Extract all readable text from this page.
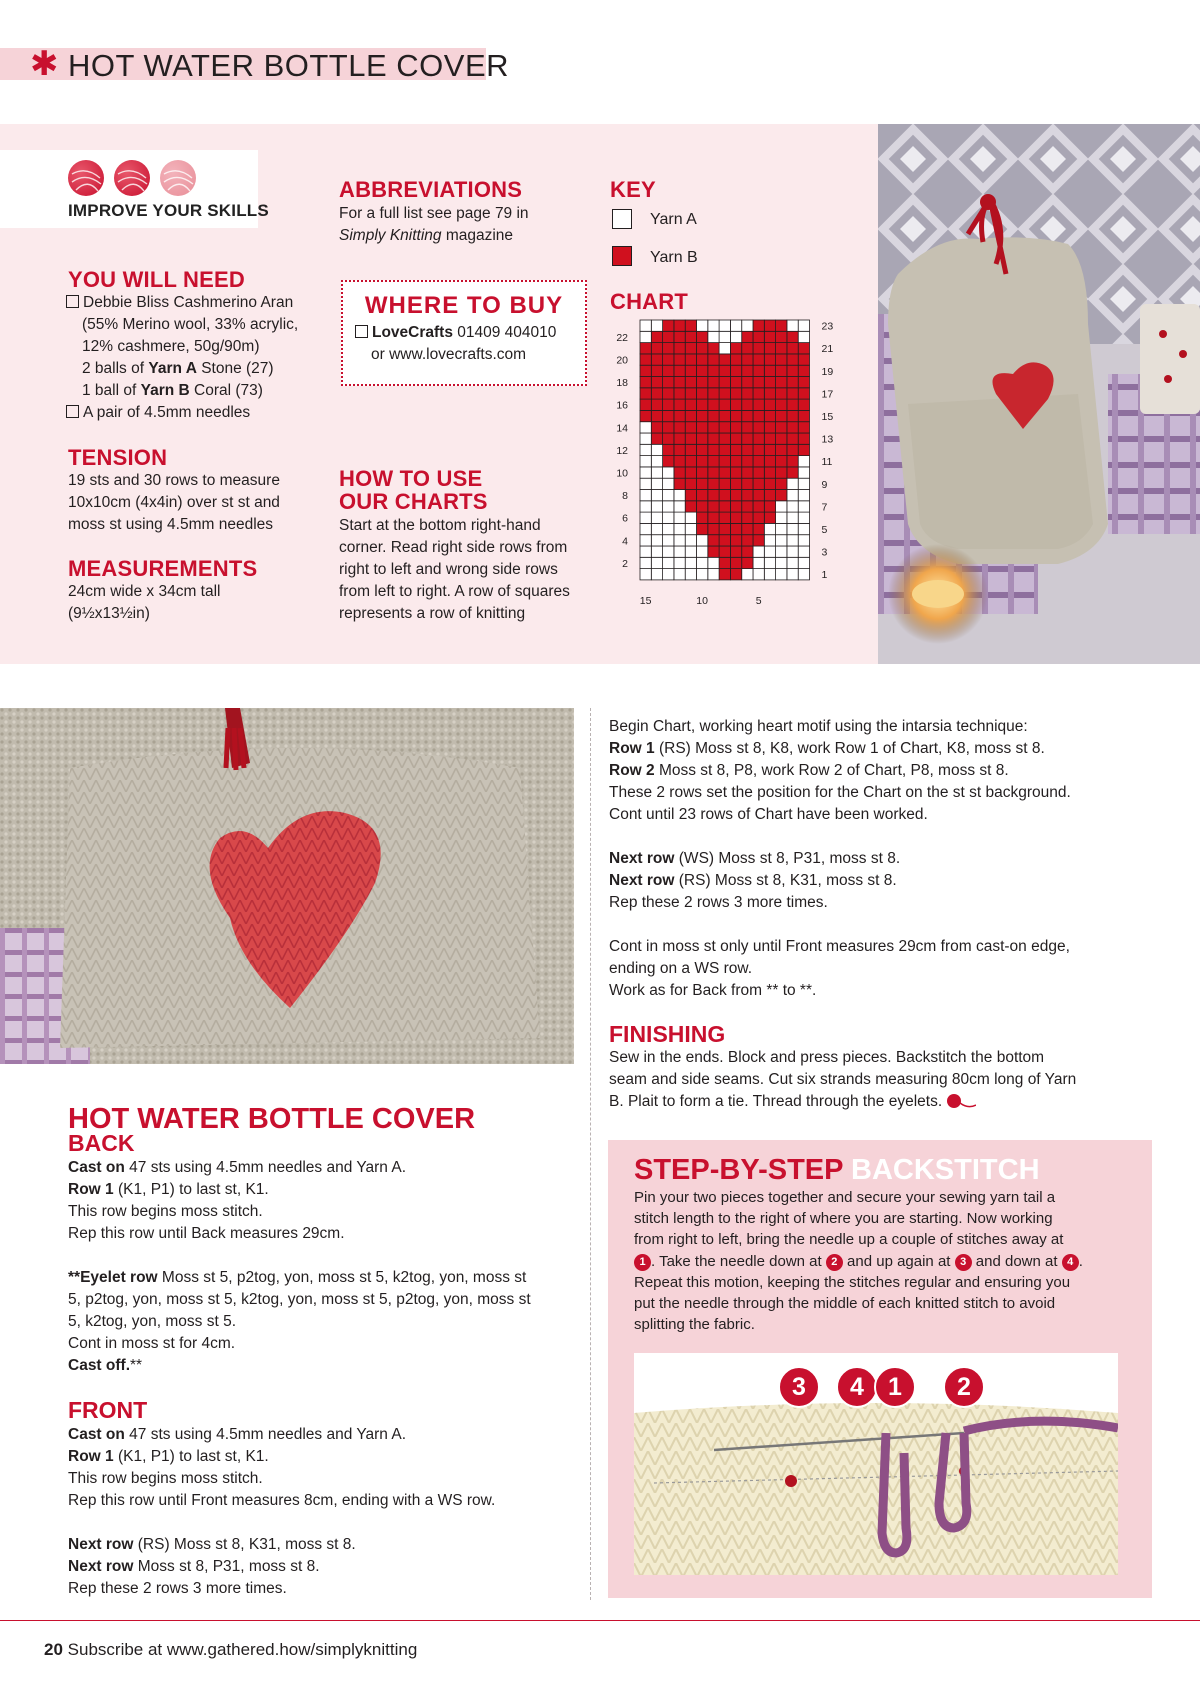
✱ HOT WATER BOTTLE COVER
IMPROVE YOUR SKILLS
YOU WILL NEED

Debbie Bliss Cashmerino Aran

(55% Merino wool, 33% acrylic,

12% cashmere, 50g/90m)

2 balls of Yarn A Stone (27)

1 ball of Yarn B Coral (73)

A pair of 4.5mm needles

TENSION

19 sts and 30 rows to measure

10x10cm (4x4in) over st st and

moss st using 4.5mm needles

MEASUREMENTS

24cm wide x 34cm tall

(9½x13½in)

ABBREVIATIONS

For a full list see page 79 in

Simply Knitting magazine

WHERE TO BUY

LoveCrafts 01409 404010

or www.lovecrafts.com

HOW TO USE
OUR CHARTS

Start at the bottom right-hand

corner. Read right side rows from

right to left and wrong side rows

from left to right. A row of squares

represents a row of knitting

KEY
Yarn A
Yarn B
CHART
22
20
18
16
14
12
10
8
6
4
2
23
21
19
17
15
13
11
9
7
5
3
1
15	10	5
HOT WATER BOTTLE COVER
BACK

Cast on 47 sts using 4.5mm needles and Yarn A.

Row 1 (K1, P1) to last st, K1.

This row begins moss stitch.

Rep this row until Back measures 29cm.

**Eyelet row Moss st 5, p2tog, yon, moss st 5, k2tog, yon, moss st

5, p2tog, yon, moss st 5, k2tog, yon, moss st 5, p2tog, yon, moss st

5, k2tog, yon, moss st 5.

Cont in moss st for 4cm.

Cast off.**

FRONT

Cast on 47 sts using 4.5mm needles and Yarn A.

Row 1 (K1, P1) to last st, K1.

This row begins moss stitch.

Rep this row until Front measures 8cm, ending with a WS row.

Next row (RS) Moss st 8, K31, moss st 8.

Next row Moss st 8, P31, moss st 8.

Rep these 2 rows 3 more times.

Begin Chart, working heart motif using the intarsia technique:

Row 1 (RS) Moss st 8, K8, work Row 1 of Chart, K8, moss st 8.

Row 2 Moss st 8, P8, work Row 2 of Chart, P8, moss st 8.

These 2 rows set the position for the Chart on the st st background.

Cont until 23 rows of Chart have been worked.

Next row (WS) Moss st 8, P31, moss st 8.

Next row (RS) Moss st 8, K31, moss st 8.

Rep these 2 rows 3 more times.

Cont in moss st only until Front measures 29cm from cast-on edge,

ending on a WS row.

Work as for Back from ** to **.

FINISHING

Sew in the ends. Block and press pieces. Backstitch the bottom

seam and side seams. Cut six strands measuring 80cm long of Yarn

B. Plait to form a tie. Thread through the eyelets.

STEP-BY-STEP BACKSTITCH

Pin your two pieces together and secure your sewing yarn tail a

stitch length to the right of where you are starting. Now working

from right to left, bring the needle up a couple of stitches away at

1 . Take the needle down at 2 and up again at 3 and down at 4 .

Repeat this motion, keeping the stitches regular and ensuring you

put the needle through the middle of each knitted stitch to avoid

splitting the fabric.

3	4 1	2
20 Subscribe at www.gathered.how/simplyknitting
